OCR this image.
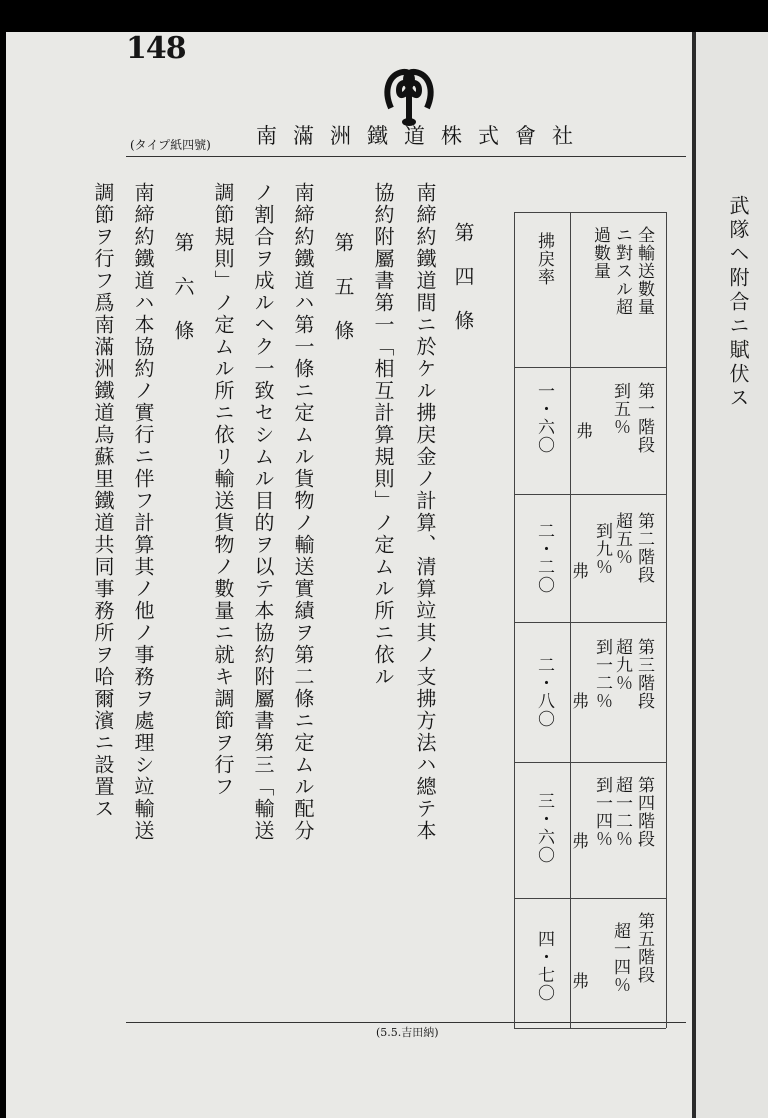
148
南滿洲鐵道株式會社
(タイプ紙四號)
第　四　條
南締約鐵道間ニ於ケル拂戻金ノ計算、清算竝其ノ支拂方法ハ總テ本
協約附屬書第一「相互計算規則」ノ定ムル所ニ依ル
第　五　條
南締約鐵道ハ第一條ニ定ムル貨物ノ輸送實績ヲ第二條ニ定ムル配分
ノ割合ヲ成ルヘク一致セシムル目的ヲ以テ本協約附屬書第三「輸送
調節規則」ノ定ムル所ニ依リ輸送貨物ノ數量ニ就キ調節ヲ行フ
第　六　條
南締約鐵道ハ本協約ノ實行ニ伴フ計算其ノ他ノ事務ヲ處理シ竝輸送
調節ヲ行フ爲南滿洲鐵道烏蘇里鐵道共同事務所ヲ哈爾濱ニ設置ス	全輸送數量
ニ對スル超
過數量
拂戻率
第一階段
到五％
弗
一・六〇
第二階段
超五％
到九％
弗
二・二〇
第三階段
超九％
到一二％
弗
二・八〇
第四階段
超一二％
到一四％
弗
三・六〇
第五階段
超一四％
弗
四・七〇
(5.5.吉田納)
武隊ヘ附合ニ賦伏ス
